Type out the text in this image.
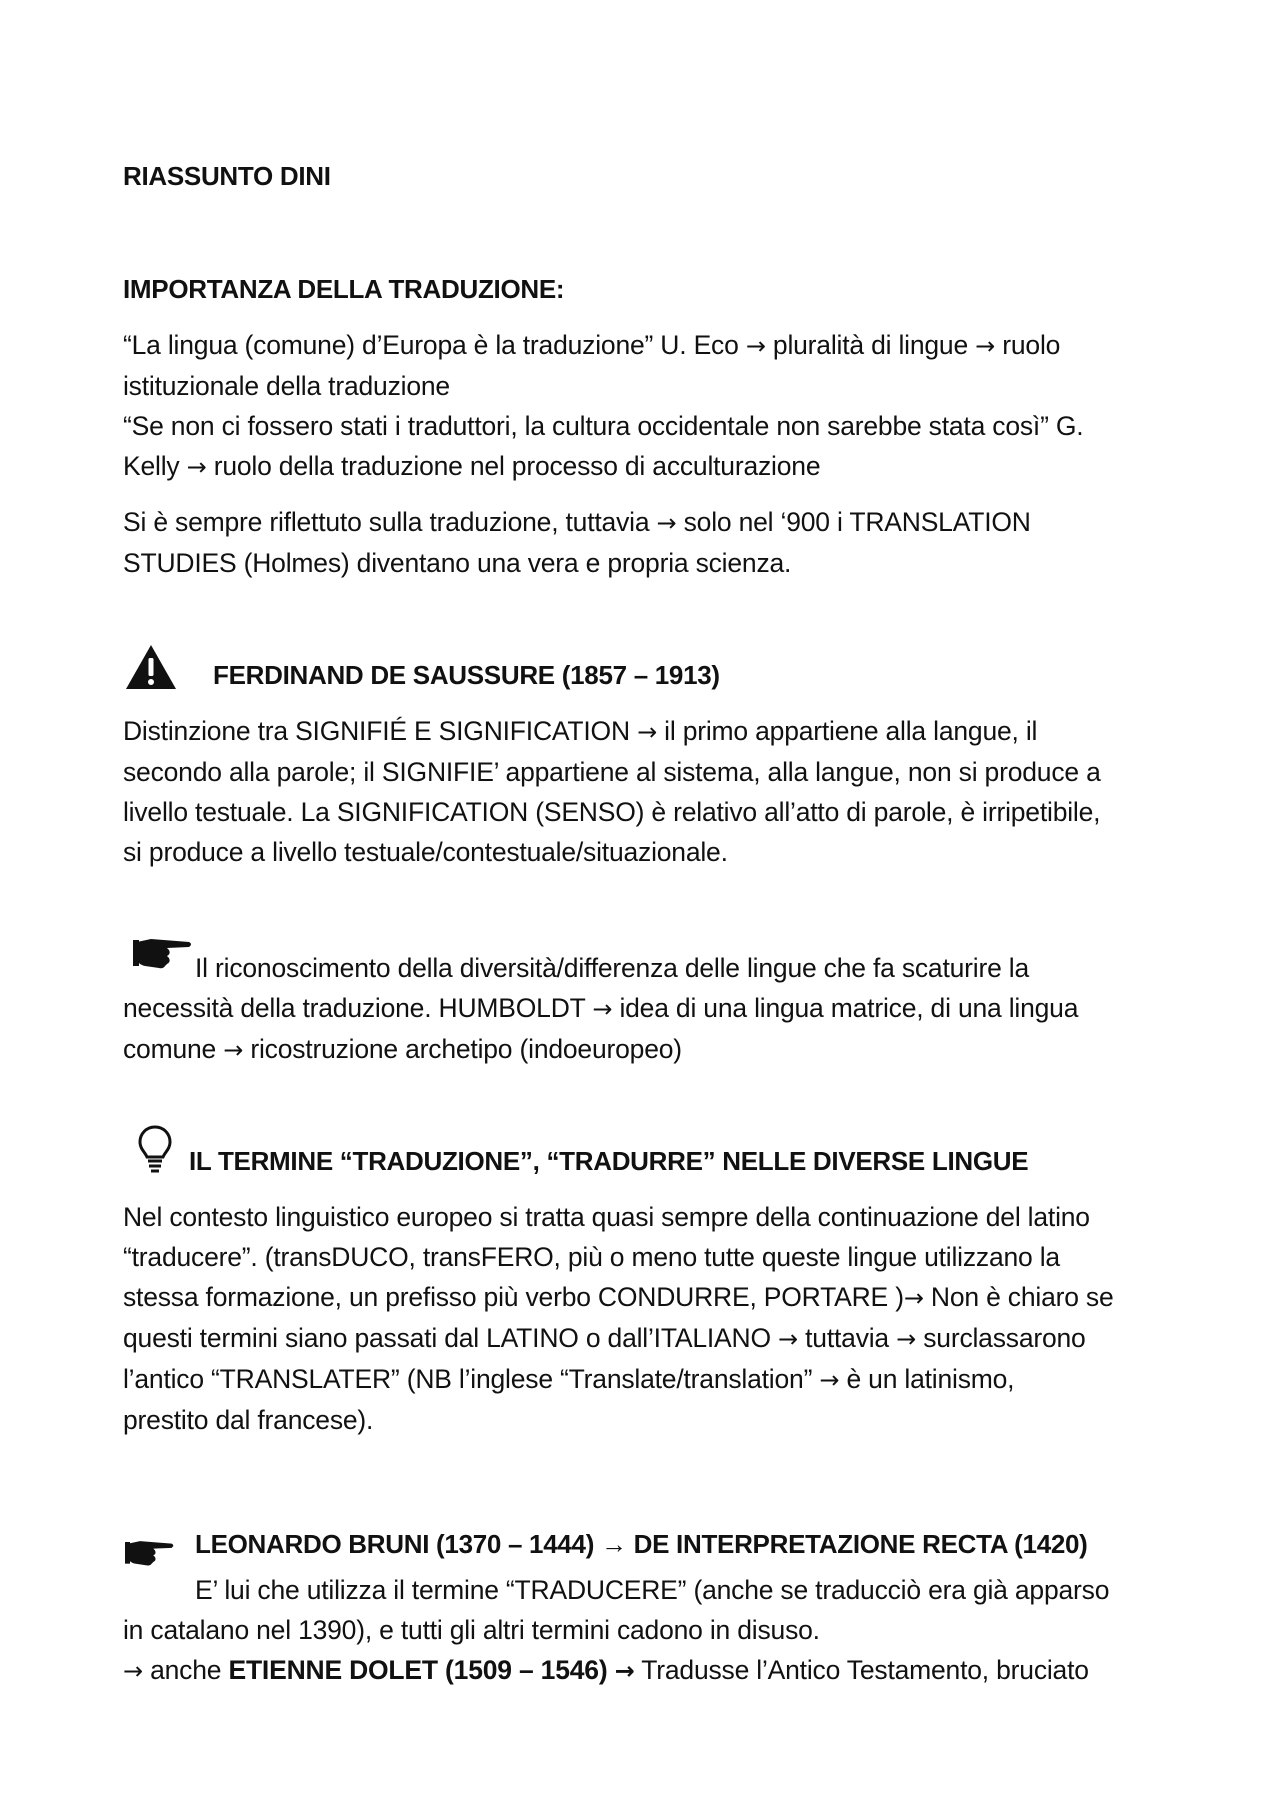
RIASSUNTO DINI
IMPORTANZA DELLA TRADUZIONE:
“La lingua (comune) d’Europa è la traduzione” U. Eco → pluralità di lingue → ruolo
istituzionale della traduzione
“Se non ci fossero stati i traduttori, la cultura occidentale non sarebbe stata così” G.
Kelly → ruolo della traduzione nel processo di acculturazione
Si è sempre riflettuto sulla traduzione, tuttavia → solo nel ‘900 i TRANSLATION
STUDIES (Holmes) diventano una vera e propria scienza.
FERDINAND DE SAUSSURE (1857 – 1913)
Distinzione tra SIGNIFIÉ E SIGNIFICATION → il primo appartiene alla langue, il
secondo alla parole; il SIGNIFIE’ appartiene al sistema, alla langue, non si produce a
livello testuale. La SIGNIFICATION (SENSO) è relativo all’atto di parole, è irripetibile,
si produce a livello testuale/contestuale/situazionale.
Il riconoscimento della diversità/differenza delle lingue che fa scaturire la
necessità della traduzione. HUMBOLDT → idea di una lingua matrice, di una lingua
comune → ricostruzione archetipo (indoeuropeo)
IL TERMINE “TRADUZIONE”, “TRADURRE” NELLE DIVERSE LINGUE
Nel contesto linguistico europeo si tratta quasi sempre della continuazione del latino
“traducere”. (transDUCO, transFERO, più o meno tutte queste lingue utilizzano la
stessa formazione, un prefisso più verbo CONDURRE, PORTARE )→ Non è chiaro se
questi termini siano passati dal LATINO o dall’ITALIANO → tuttavia → surclassarono
l’antico “TRANSLATER” (NB l’inglese “Translate/translation” → è un latinismo,
prestito dal francese).
LEONARDO BRUNI (1370 – 1444) → DE INTERPRETAZIONE RECTA (1420)
E’ lui che utilizza il termine “TRADUCERE” (anche se traducciò era già apparso
in catalano nel 1390), e tutti gli altri termini cadono in disuso.
→ anche ETIENNE DOLET (1509 – 1546) → Tradusse l’Antico Testamento, bruciato
